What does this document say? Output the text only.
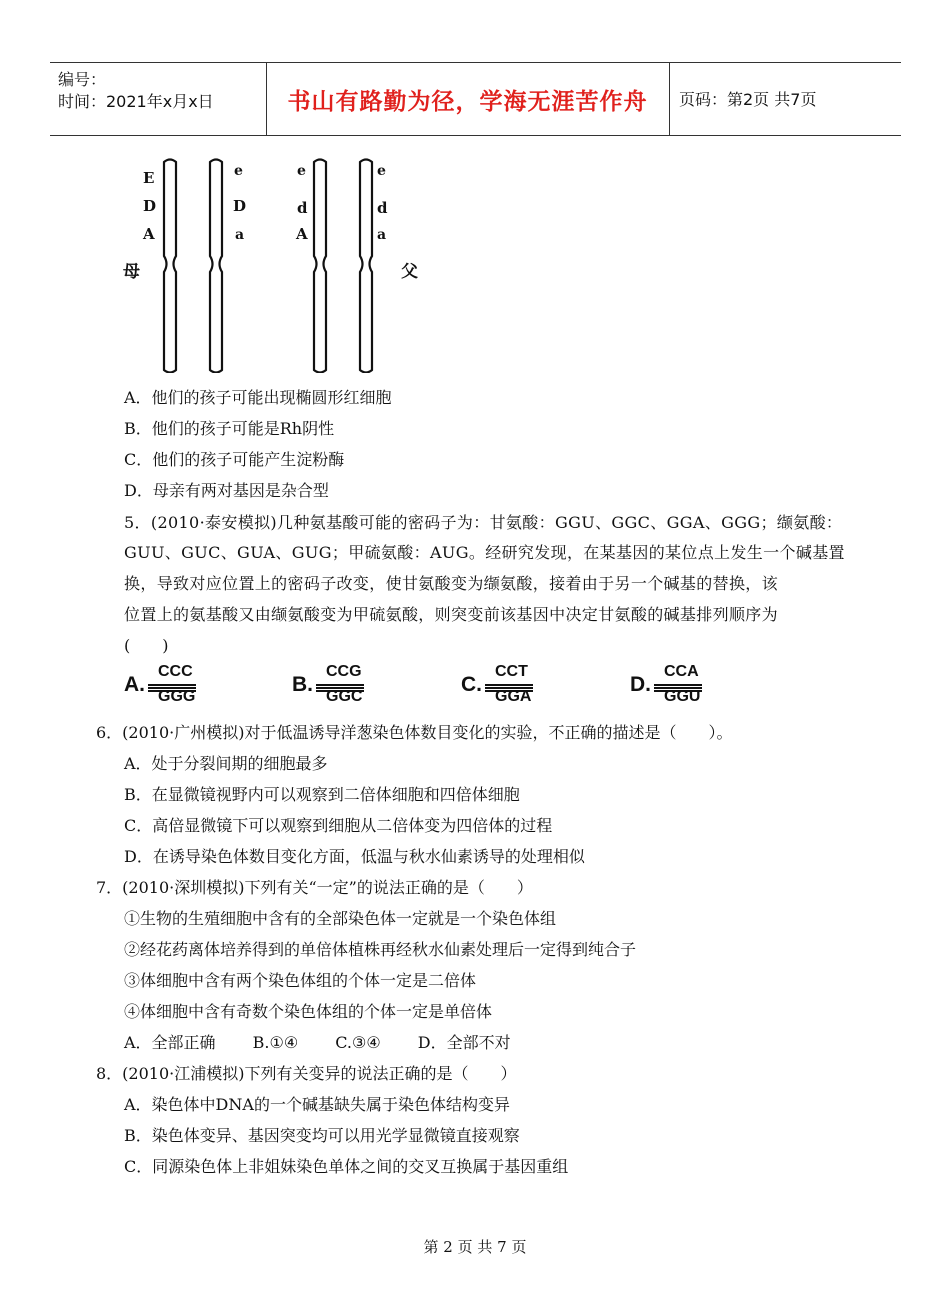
编号：
时间：2021年x月x日	书山有路勤为径，学海无涯苦作舟	页码：第2页 共7页
E
D
A
e
D
a
e
d
A
e
d
a
母	父
A．他们的孩子可能出现椭圆形红细胞
B．他们的孩子可能是Rh阴性
C．他们的孩子可能产生淀粉酶
D．母亲有两对基因是杂合型
5．(2010·泰安模拟)几种氨基酸可能的密码子为：甘氨酸：GGU、GGC、GGA、GGG；缬氨酸：
GUU、GUC、GUA、GUG；甲硫氨酸：AUG。经研究发现，在某基因的某位点上发生一个碱基置
换，导致对应位置上的密码子改变，使甘氨酸变为缬氨酸，接着由于另一个碱基的替换，该
位置上的氨基酸又由缬氨酸变为甲硫氨酸，则突变前该基因中决定甘氨酸的碱基排列顺序为
(　　)
A.
CCC
GGG
B.
CCG
GGC
C.
CCT
GGA
D.
CCA
GGU
6．(2010·广州模拟)对于低温诱导洋葱染色体数目变化的实验，不正确的描述是（　　）。
A．处于分裂间期的细胞最多
B．在显微镜视野内可以观察到二倍体细胞和四倍体细胞
C．高倍显微镜下可以观察到细胞从二倍体变为四倍体的过程
D．在诱导染色体数目变化方面，低温与秋水仙素诱导的处理相似
7．(2010·深圳模拟)下列有关“一定”的说法正确的是（　　）
①生物的生殖细胞中含有的全部染色体一定就是一个染色体组
②经花药离体培养得到的单倍体植株再经秋水仙素处理后一定得到纯合子
③体细胞中含有两个染色体组的个体一定是二倍体
④体细胞中含有奇数个染色体组的个体一定是单倍体
A．全部正确　　 B.①④　　 C.③④　　 D．全部不对
8．(2010·江浦模拟)下列有关变异的说法正确的是（　　）
A．染色体中DNA的一个碱基缺失属于染色体结构变异
B．染色体变异、基因突变均可以用光学显微镜直接观察
C．同源染色体上非姐妹染色单体之间的交叉互换属于基因重组
第 2 页 共 7 页
